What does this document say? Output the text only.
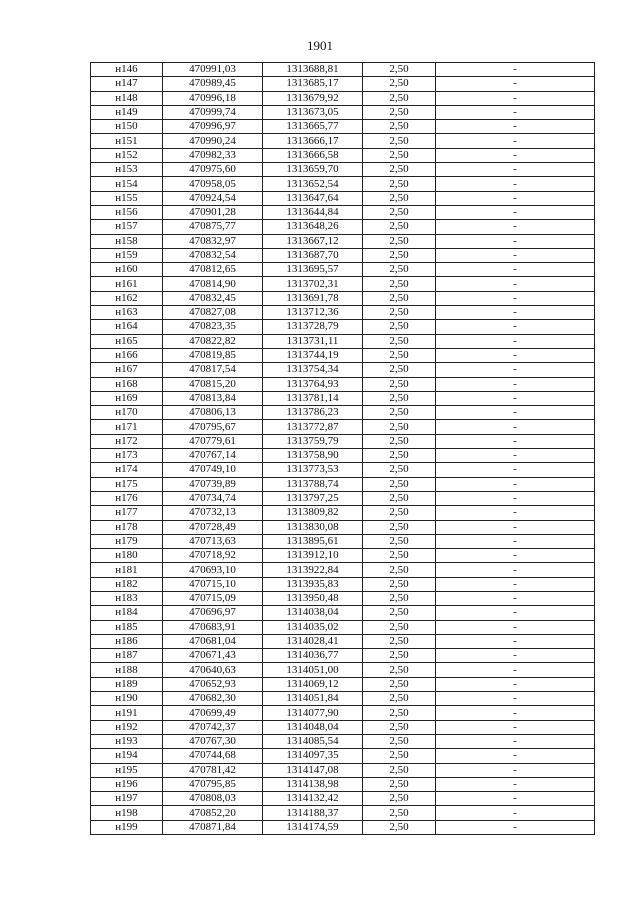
1901
н146	470991,03	1313688,81	2,50	-
н147	470989,45	1313685,17	2,50	-
н148	470996,18	1313679,92	2,50	-
н149	470999,74	1313673,05	2,50	-
н150	470996,97	1313665,77	2,50	-
н151	470990,24	1313666,17	2,50	-
н152	470982,33	1313666,58	2,50	-
н153	470975,60	1313659,70	2,50	-
н154	470958,05	1313652,54	2,50	-
н155	470924,54	1313647,64	2,50	-
н156	470901,28	1313644,84	2,50	-
н157	470875,77	1313648,26	2,50	-
н158	470832,97	1313667,12	2,50	-
н159	470832,54	1313687,70	2,50	-
н160	470812,65	1313695,57	2,50	-
н161	470814,90	1313702,31	2,50	-
н162	470832,45	1313691,78	2,50	-
н163	470827,08	1313712,36	2,50	-
н164	470823,35	1313728,79	2,50	-
н165	470822,82	1313731,11	2,50	-
н166	470819,85	1313744,19	2,50	-
н167	470817,54	1313754,34	2,50	-
н168	470815,20	1313764,93	2,50	-
н169	470813,84	1313781,14	2,50	-
н170	470806,13	1313786,23	2,50	-
н171	470795,67	1313772,87	2,50	-
н172	470779,61	1313759,79	2,50	-
н173	470767,14	1313758,90	2,50	-
н174	470749,10	1313773,53	2,50	-
н175	470739,89	1313788,74	2,50	-
н176	470734,74	1313797,25	2,50	-
н177	470732,13	1313809,82	2,50	-
н178	470728,49	1313830,08	2,50	-
н179	470713,63	1313895,61	2,50	-
н180	470718,92	1313912,10	2,50	-
н181	470693,10	1313922,84	2,50	-
н182	470715,10	1313935,83	2,50	-
н183	470715,09	1313950,48	2,50	-
н184	470696,97	1314038,04	2,50	-
н185	470683,91	1314035,02	2,50	-
н186	470681,04	1314028,41	2,50	-
н187	470671,43	1314036,77	2,50	-
н188	470640,63	1314051,00	2,50	-
н189	470652,93	1314069,12	2,50	-
н190	470682,30	1314051,84	2,50	-
н191	470699,49	1314077,90	2,50	-
н192	470742,37	1314048,04	2,50	-
н193	470767,30	1314085,54	2,50	-
н194	470744,68	1314097,35	2,50	-
н195	470781,42	1314147,08	2,50	-
н196	470795,85	1314138,98	2,50	-
н197	470808,03	1314132,42	2,50	-
н198	470852,20	1314188,37	2,50	-
н199	470871,84	1314174,59	2,50	-
